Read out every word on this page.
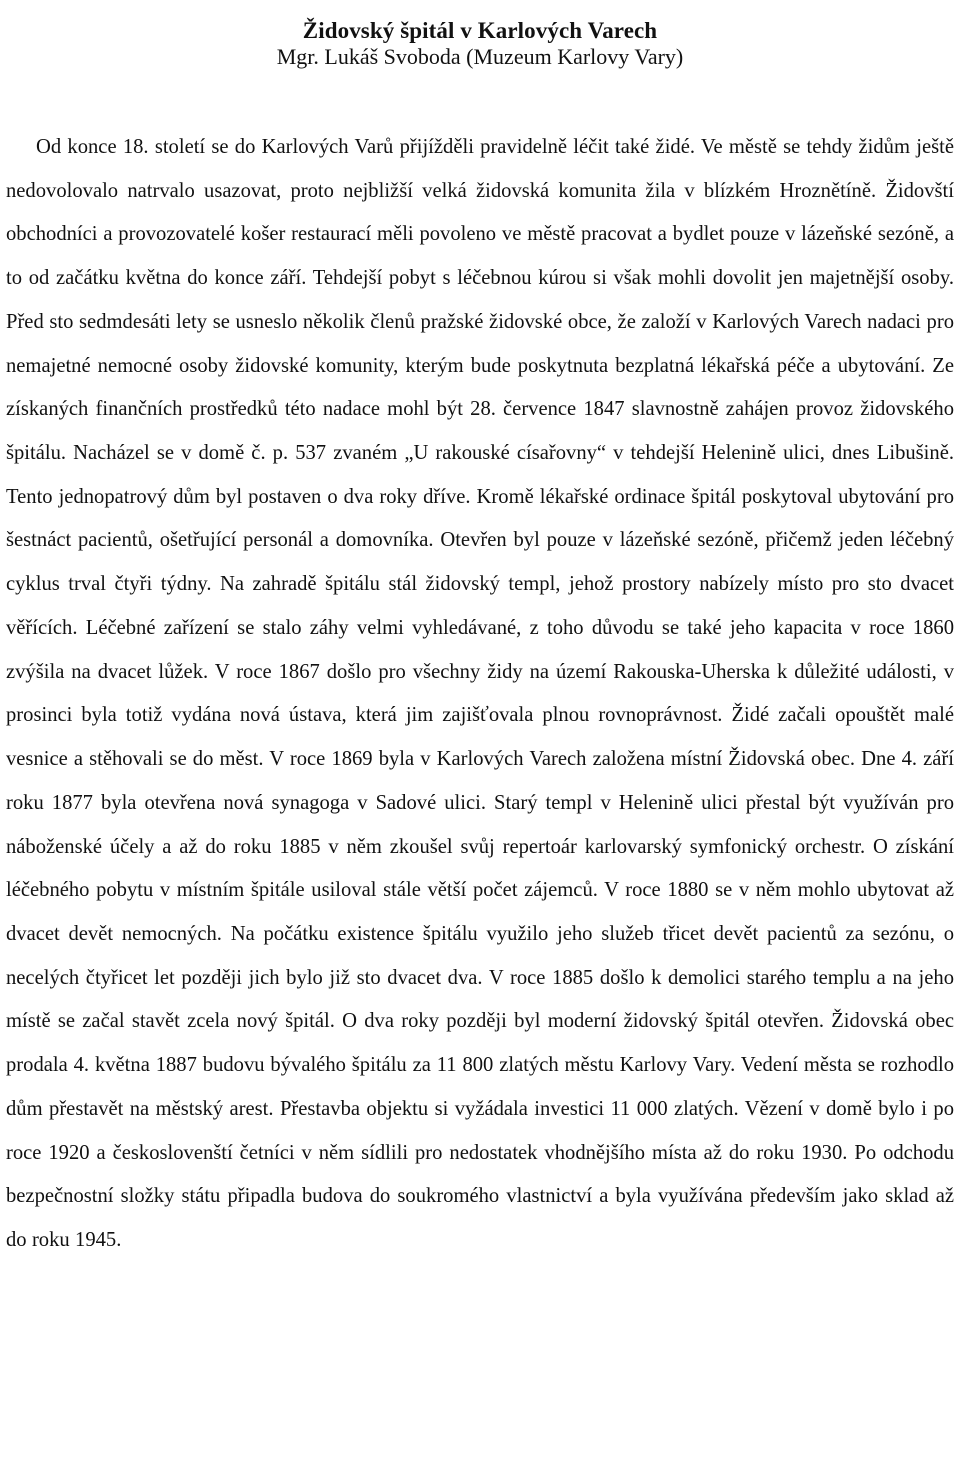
Židovský špitál v Karlových Varech
Mgr. Lukáš Svoboda (Muzeum Karlovy Vary)

Od konce 18. století se do Karlových Varů přijížděli pravidelně léčit také židé. Ve městě se tehdy židům ještě nedovolovalo natrvalo usazovat, proto nejbližší velká židovská komunita žila v blízkém Hroznětíně. Židovští obchodníci a provozovatelé košer restaurací měli povoleno ve městě pracovat a bydlet pouze v lázeňské sezóně, a to od začátku května do konce září. Tehdejší pobyt s léčebnou kúrou si však mohli dovolit jen majetnější osoby. Před sto sedmdesáti lety se usneslo několik členů pražské židovské obce, že založí v Karlových Varech nadaci pro nemajetné nemocné osoby židovské komunity, kterým bude poskytnuta bezplatná lékařská péče a ubytování. Ze získaných finančních prostředků této nadace mohl být 28. července 1847 slavnostně zahájen provoz židovského špitálu. Nacházel se v domě č. p. 537 zvaném „U rakouské císařovny“ v tehdejší Helenině ulici, dnes Libušině. Tento jednopatrový dům byl postaven o dva roky dříve. Kromě lékařské ordinace špitál poskytoval ubytování pro šestnáct pacientů, ošetřující personál a domovníka. Otevřen byl pouze v lázeňské sezóně, přičemž jeden léčebný cyklus trval čtyři týdny. Na zahradě špitálu stál židovský templ, jehož prostory nabízely místo pro sto dvacet věřících. Léčebné zařízení se stalo záhy velmi vyhledávané, z toho důvodu se také jeho kapacita v roce 1860 zvýšila na dvacet lůžek. V roce 1867 došlo pro všechny židy na území Rakouska-Uherska k důležité události, v prosinci byla totiž vydána nová ústava, která jim zajišťovala plnou rovnoprávnost. Židé začali opouštět malé vesnice a stěhovali se do měst. V roce 1869 byla v Karlových Varech založena místní Židovská obec. Dne 4. září roku 1877 byla otevřena nová synagoga v Sadové ulici. Starý templ v Helenině ulici přestal být využíván pro náboženské účely a až do roku 1885 v něm zkoušel svůj repertoár karlovarský symfonický orchestr. O získání léčebného pobytu v místním špitále usiloval stále větší počet zájemců. V roce 1880 se v něm mohlo ubytovat až dvacet devět nemocných. Na počátku existence špitálu využilo jeho služeb třicet devět pacientů za sezónu, o necelých čtyřicet let později jich bylo již sto dvacet dva. V roce 1885 došlo k demolici starého templu a na jeho místě se začal stavět zcela nový špitál. O dva roky později byl moderní židovský špitál otevřen. Židovská obec prodala 4. května 1887 budovu bývalého špitálu za 11 800 zlatých městu Karlovy Vary. Vedení města se rozhodlo dům přestavět na městský arest. Přestavba objektu si vyžádala investici 11 000 zlatých. Vězení v domě bylo i po roce 1920 a českoslovenští četníci v něm sídlili pro nedostatek vhodnějšího místa až do roku 1930. Po odchodu bezpečnostní složky státu připadla budova do soukromého vlastnictví a byla využívána především jako sklad až do roku 1945.
